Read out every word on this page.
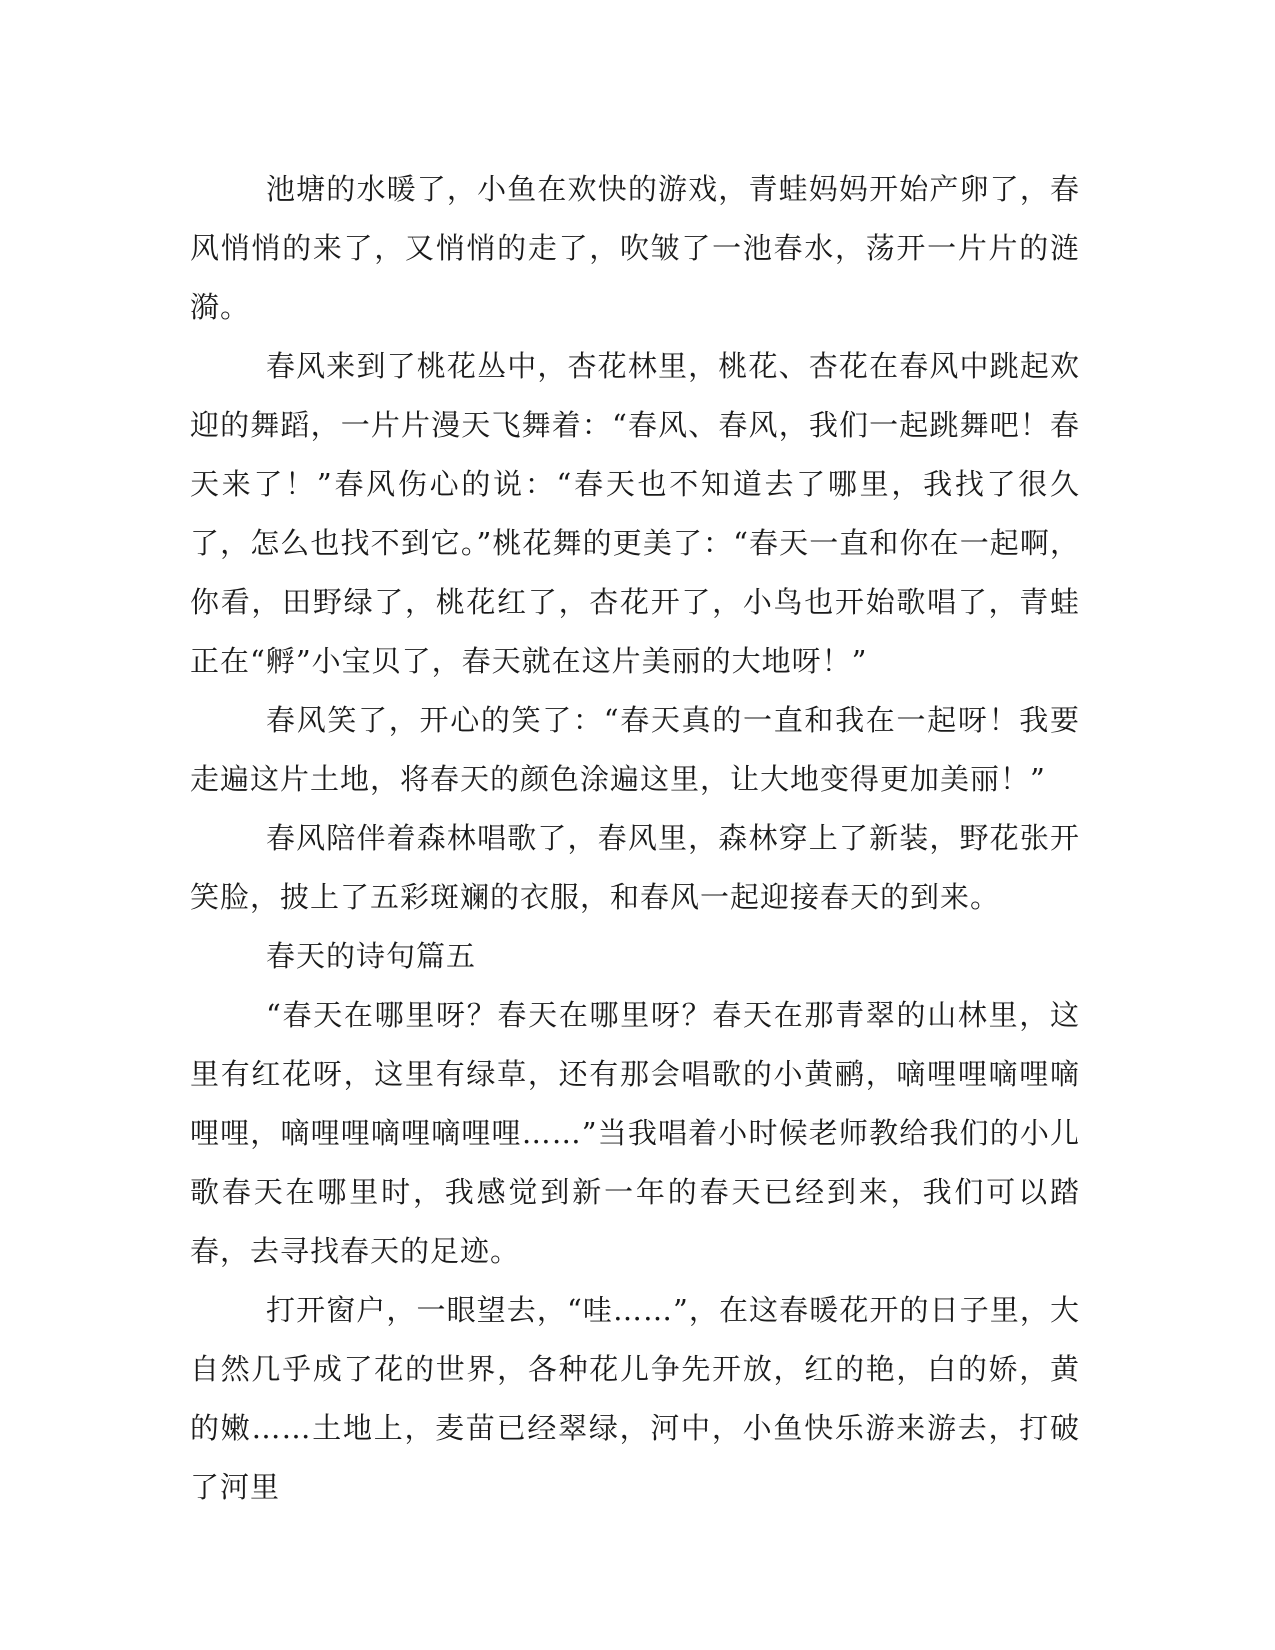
池塘的水暖了，小鱼在欢快的游戏，青蛙妈妈开始产卵了，春风悄悄的来了，又悄悄的走了，吹皱了一池春水，荡开一片片的涟漪。

春风来到了桃花丛中，杏花林里，桃花、杏花在春风中跳起欢迎的舞蹈，一片片漫天飞舞着：“春风、春风，我们一起跳舞吧！春天来了！”春风伤心的说：“春天也不知道去了哪里，我找了很久了，怎么也找不到它。”桃花舞的更美了：“春天一直和你在一起啊，你看，田野绿了，桃花红了，杏花开了，小鸟也开始歌唱了，青蛙正在“孵”小宝贝了，春天就在这片美丽的大地呀！”

春风笑了，开心的笑了：“春天真的一直和我在一起呀！我要走遍这片土地，将春天的颜色涂遍这里，让大地变得更加美丽！”

春风陪伴着森林唱歌了，春风里，森林穿上了新装，野花张开笑脸，披上了五彩斑斓的衣服，和春风一起迎接春天的到来。

春天的诗句篇五

“春天在哪里呀？春天在哪里呀？春天在那青翠的山林里，这里有红花呀，这里有绿草，还有那会唱歌的小黄鹂，嘀哩哩嘀哩嘀哩哩，嘀哩哩嘀哩嘀哩哩……”当我唱着小时候老师教给我们的小儿歌春天在哪里时，我感觉到新一年的春天已经到来，我们可以踏春，去寻找春天的足迹。

打开窗户，一眼望去，“哇……”，在这春暖花开的日子里，大自然几乎成了花的世界，各种花儿争先开放，红的艳，白的娇，黄的嫩……土地上，麦苗已经翠绿，河中，小鱼快乐游来游去，打破了河里
